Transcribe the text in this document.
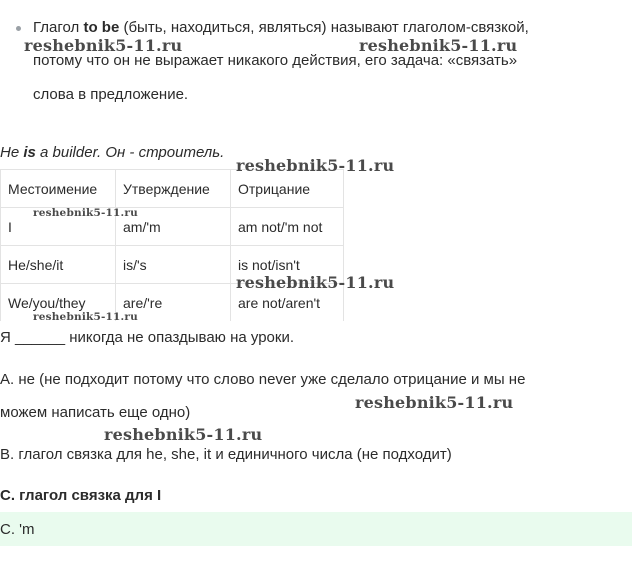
Глагол to be (быть, находиться, являться) называют глаголом-связкой,
потому что он не выражает никакого действия, его задача: «связать»
слова в предложение.
He is a builder. Он - строитель.
Местоимение	Утверждение	Отрицание
I	am/'m	am not/'m not
He/she/it	is/'s	is not/isn't
We/you/they	are/'re	are not/aren't
Я ______ никогда не опаздываю на уроки.
A. не (не подходит потому что слово never уже сделало отрицание и мы не
можем написать еще одно)
B. глагол связка для he, she, it и единичного числа (не подходит)
C. глагол связка для I
C. 'm
reshebnik5-11.ru	reshebnik5-11.ru
reshebnik5-11.ru
reshebnik5-11.ru
reshebnik5-11.ru
reshebnik5-11.ru
reshebnik5-11.ru
reshebnik5-11.ru
